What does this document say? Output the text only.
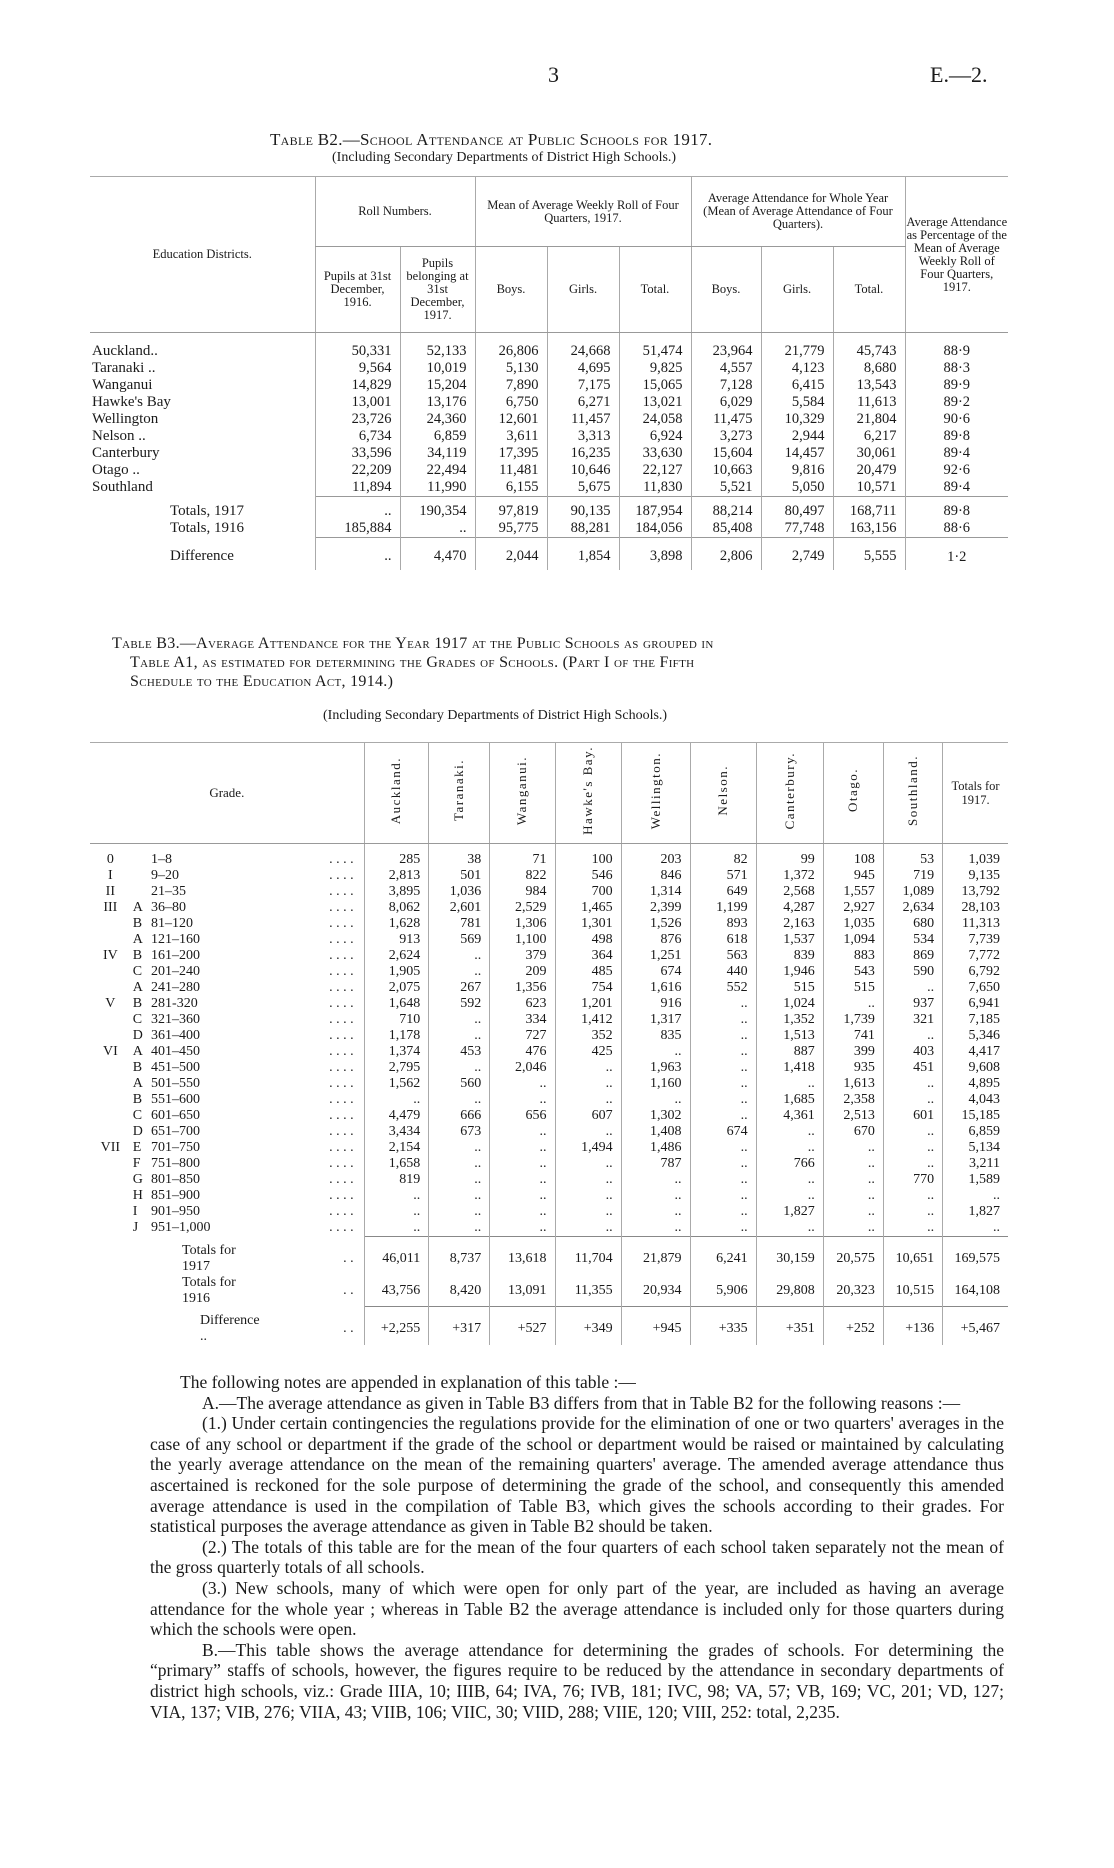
3	E.—2.
Table B2.—School Attendance at Public Schools for 1917.
(Including Secondary Departments of District High Schools.)
Education Districts.	Roll Numbers.		Mean of Average Weekly Roll of Four Quarters, 1917.			Average Attendance for Whole Year (Mean of Average Attendance of Four Quarters).			Average Attendance as Percentage of the Mean of Average Weekly Roll of Four Quarters, 1917.
	Pupils at 31st December, 1916.	Pupils belonging at 31st December, 1917.	Boys.	Girls.	Total.	Boys.	Girls.	Total.	

Auckland..	50,331	52,133	26,806	24,668	51,474	23,964	21,779	45,743	88·9
Taranaki ..	9,564	10,019	5,130	4,695	9,825	4,557	4,123	8,680	88·3
Wanganui	14,829	15,204	7,890	7,175	15,065	7,128	6,415	13,543	89·9
Hawke's Bay	13,001	13,176	6,750	6,271	13,021	6,029	5,584	11,613	89·2
Wellington	23,726	24,360	12,601	11,457	24,058	11,475	10,329	21,804	90·6
Nelson ..	6,734	6,859	3,611	3,313	6,924	3,273	2,944	6,217	89·8
Canterbury	33,596	34,119	17,395	16,235	33,630	15,604	14,457	30,061	89·4
Otago ..	22,209	22,494	11,481	10,646	22,127	10,663	9,816	20,479	92·6
Southland	11,894	11,990	6,155	5,675	11,830	5,521	5,050	10,571	89·4

Totals, 1917	..	190,354	97,819	90,135	187,954	88,214	80,497	168,711	89·8
Totals, 1916	185,884	..	95,775	88,281	184,056	85,408	77,748	163,156	88·6

Difference	..	4,470	2,044	1,854	3,898	2,806	2,749	5,555	1·2
Table B3.—Average Attendance for the Year 1917 at the Public Schools as grouped in
Table A1, as estimated for determining the Grades of Schools. (Part I of the Fifth
Schedule to the Education Act, 1914.)
(Including Secondary Departments of District High Schools.)
Grade.				Auckland.	Taranaki.	Wanganui.	Hawke's Bay.	Wellington.	Nelson.	Canterbury.	Otago.	Southland.	Totals for 1917.

0		1–8	. . . .	285	38	71	100	203	82	99	108	53	1,039
I		9–20	. . . .	2,813	501	822	546	846	571	1,372	945	719	9,135
II		21–35	. . . .	3,895	1,036	984	700	1,314	649	2,568	1,557	1,089	13,792
III	A	36–80	. . . .	8,062	2,601	2,529	1,465	2,399	1,199	4,287	2,927	2,634	28,103
	B	81–120	. . . .	1,628	781	1,306	1,301	1,526	893	2,163	1,035	680	11,313
	A	121–160	. . . .	913	569	1,100	498	876	618	1,537	1,094	534	7,739
IV	B	161–200	. . . .	2,624	..	379	364	1,251	563	839	883	869	7,772
	C	201–240	. . . .	1,905	..	209	485	674	440	1,946	543	590	6,792
	A	241–280	. . . .	2,075	267	1,356	754	1,616	552	515	515	..	7,650
V	B	281-320	. . . .	1,648	592	623	1,201	916	..	1,024	..	937	6,941
	C	321–360	. . . .	710	..	334	1,412	1,317	..	1,352	1,739	321	7,185
	D	361–400	. . . .	1,178	..	727	352	835	..	1,513	741	..	5,346
VI	A	401–450	. . . .	1,374	453	476	425	..	..	887	399	403	4,417
	B	451–500	. . . .	2,795	..	2,046	..	1,963	..	1,418	935	451	9,608
	A	501–550	. . . .	1,562	560	..	..	1,160	..	..	1,613	..	4,895
	B	551–600	. . . .	..	..	..	..	..	..	1,685	2,358	..	4,043
	C	601–650	. . . .	4,479	666	656	607	1,302	..	4,361	2,513	601	15,185
	D	651–700	. . . .	3,434	673	..	..	1,408	674	..	670	..	6,859
VII	E	701–750	. . . .	2,154	..	..	1,494	1,486	..	..	..	..	5,134
	F	751–800	. . . .	1,658	..	..	..	787	..	766	..	..	3,211
	G	801–850	. . . .	819	..	..	..	..	..	..	..	770	1,589
	H	851–900	. . . .	..	..	..	..	..	..	..	..	..	..
	I	901–950	. . . .	..	..	..	..	..	..	1,827	..	..	1,827
	J	951–1,000	. . . .	..	..	..	..	..	..	..	..	..	..

Totals for 1917			. .	46,011	8,737	13,618	11,704	21,879	6,241	30,159	20,575	10,651	169,575
Totals for 1916			. .	43,756	8,420	13,091	11,355	20,934	5,906	29,808	20,323	10,515	164,108

Difference ..			. .	+2,255	+317	+527	+349	+945	+335	+351	+252	+136	+5,467

The following notes are appended in explanation of this table :—

A.—The average attendance as given in Table B3 differs from that in Table B2 for the following reasons :—

(1.) Under certain contingencies the regulations provide for the elimination of one or two quarters' averages in the case of any school or department if the grade of the school or department would be raised or maintained by calculating the yearly average attendance on the mean of the remaining quarters' average. The amended average attendance thus ascertained is reckoned for the sole purpose of determining the grade of the school, and consequently this amended average attendance is used in the compilation of Table B3, which gives the schools according to their grades. For statistical purposes the average attendance as given in Table B2 should be taken.

(2.) The totals of this table are for the mean of the four quarters of each school taken separately not the mean of the gross quarterly totals of all schools.

(3.) New schools, many of which were open for only part of the year, are included as having an average attendance for the whole year ; whereas in Table B2 the average attendance is included only for those quarters during which the schools were open.

B.—This table shows the average attendance for determining the grades of schools. For determining the “primary” staffs of schools, however, the figures require to be reduced by the attendance in secondary departments of district high schools, viz.: Grade IIIA, 10; IIIB, 64; IVA, 76; IVB, 181; IVC, 98; VA, 57; VB, 169; VC, 201; VD, 127; VIA, 137; VIB, 276; VIIA, 43; VIIB, 106; VIIC, 30; VIID, 288; VIIE, 120; VIII, 252: total, 2,235.
